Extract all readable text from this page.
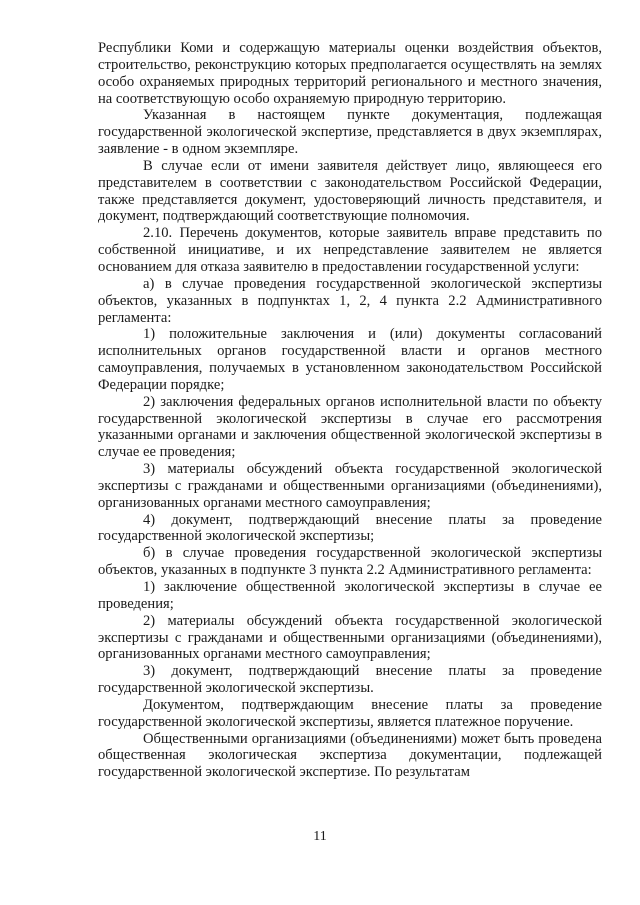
Республики Коми и содержащую материалы оценки воздействия объектов, строительство, реконструкцию которых предполагается осуществлять на землях особо охраняемых природных территорий регионального и местного значения, на соответствующую особо охраняемую природную территорию.

Указанная в настоящем пункте документация, подлежащая государственной экологической экспертизе, представляется в двух экземплярах, заявление - в одном экземпляре.

В случае если от имени заявителя действует лицо, являющееся его представителем в соответствии с законодательством Российской Федерации, также представляется документ, удостоверяющий личность представителя, и документ, подтверждающий соответствующие полномочия.

2.10. Перечень документов, которые заявитель вправе представить по собственной инициативе, и их непредставление заявителем не является основанием для отказа заявителю в предоставлении государственной услуги:

а) в случае проведения государственной экологической экспертизы объектов, указанных в подпунктах 1, 2, 4 пункта 2.2 Административного регламента:

1) положительные заключения и (или) документы согласований исполнительных органов государственной власти и органов местного самоуправления, получаемых в установленном законодательством Российской Федерации порядке;

2) заключения федеральных органов исполнительной власти по объекту государственной экологической экспертизы в случае его рассмотрения указанными органами и заключения общественной экологической экспертизы в случае ее проведения;

3) материалы обсуждений объекта государственной экологической экспертизы с гражданами и общественными организациями (объединениями), организованных органами местного самоуправления;

4) документ, подтверждающий внесение платы за проведение государственной экологической экспертизы;

б) в случае проведения государственной экологической экспертизы объектов, указанных в подпункте 3 пункта 2.2 Административного регламента:

1) заключение общественной экологической экспертизы в случае ее проведения;

2) материалы обсуждений объекта государственной экологической экспертизы с гражданами и общественными организациями (объединениями), организованных органами местного самоуправления;

3) документ, подтверждающий внесение платы за проведение государственной экологической экспертизы.

Документом, подтверждающим внесение платы за проведение государственной экологической экспертизы, является платежное поручение.

Общественными организациями (объединениями) может быть проведена общественная экологическая экспертиза документации, подлежащей государственной экологической экспертизе. По результатам

11
